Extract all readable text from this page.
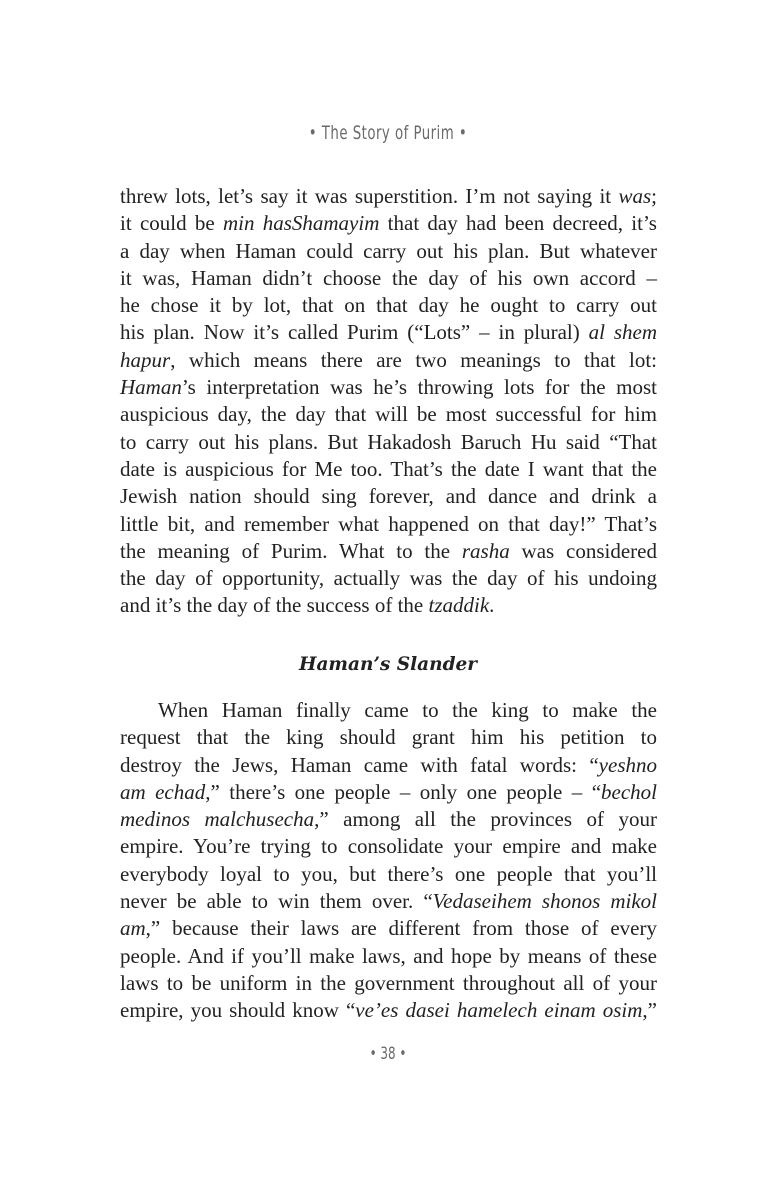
• The Story of Purim •
threw lots, let’s say it was superstition. I’m not saying it was;
it could be min hasShamayim that day had been decreed, it’s
a day when Haman could carry out his plan. But whatever
it was, Haman didn’t choose the day of his own accord –
he chose it by lot, that on that day he ought to carry out
his plan. Now it’s called Purim (“Lots” – in plural) al shem
hapur, which means there are two meanings to that lot:
Haman’s interpretation was he’s throwing lots for the most
auspicious day, the day that will be most successful for him
to carry out his plans. But Hakadosh Baruch Hu said “That
date is auspicious for Me too. That’s the date I want that the
Jewish nation should sing forever, and dance and drink a
little bit, and remember what happened on that day!” That’s
the meaning of Purim. What to the rasha was considered
the day of opportunity, actually was the day of his undoing
and it’s the day of the success of the tzaddik.
Haman’s Slander
When Haman finally came to the king to make the
request that the king should grant him his petition to
destroy the Jews, Haman came with fatal words: “yeshno
am echad,” there’s one people – only one people – “bechol
medinos malchusecha,” among all the provinces of your
empire. You’re trying to consolidate your empire and make
everybody loyal to you, but there’s one people that you’ll
never be able to win them over. “Vedaseihem shonos mikol
am,” because their laws are different from those of every
people. And if you’ll make laws, and hope by means of these
laws to be uniform in the government throughout all of your
empire, you should know “ve’es dasei hamelech einam osim,”
• 38 •
